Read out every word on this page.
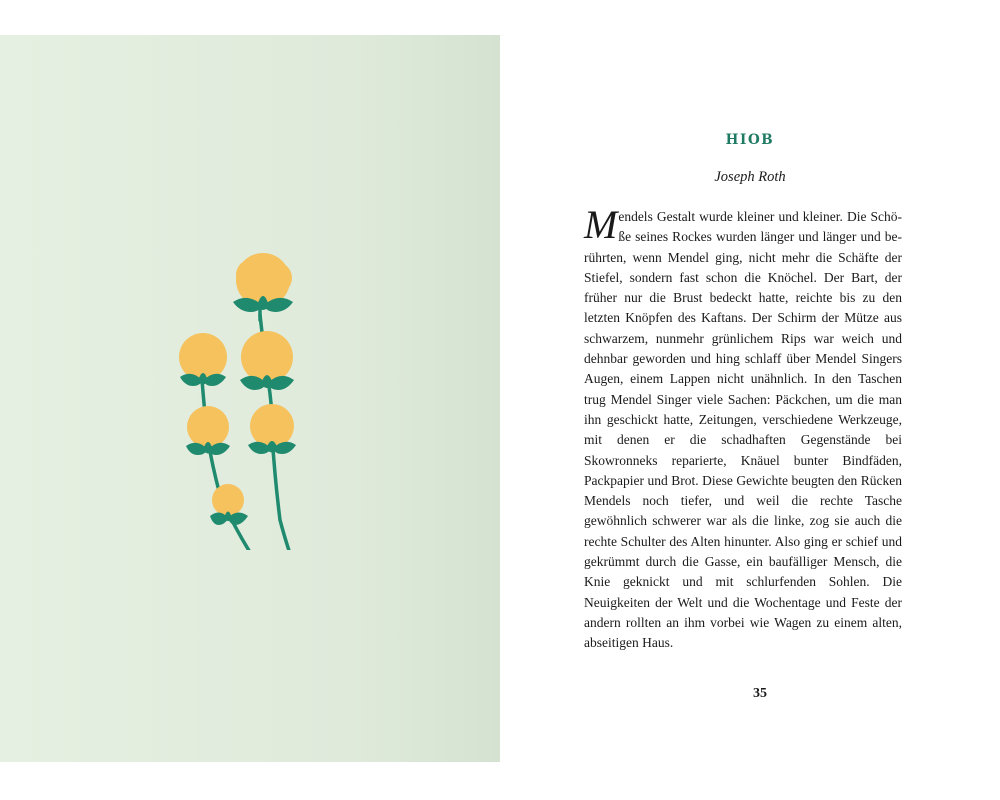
HIOB
Joseph Roth

Mendels Gestalt wurde kleiner und kleiner. Die Schöße seines Rockes wurden länger und länger und berührten, wenn Mendel ging, nicht mehr die Schäfte der Stiefel, sondern fast schon die Knöchel. Der Bart, der früher nur die Brust bedeckt hatte, reichte bis zu den letzten Knöpfen des Kaftans. Der Schirm der Mütze aus schwarzem, nunmehr grünlichem Rips war weich und dehnbar geworden und hing schlaff über Mendel Singers Augen, einem Lappen nicht unähnlich. In den Taschen trug Mendel Singer viele Sachen: Päckchen, um die man ihn geschickt hatte, Zeitungen, verschiedene Werkzeuge, mit denen er die schadhaften Gegenstände bei Skowronneks reparierte, Knäuel bunter Bindfäden, Packpapier und Brot. Diese Gewichte beugten den Rücken Mendels noch tiefer, und weil die rechte Tasche gewöhnlich schwerer war als die linke, zog sie auch die rechte Schulter des Alten hinunter. Also ging er schief und gekrümmt durch die Gasse, ein baufälliger Mensch, die Knie geknickt und mit schlurfenden Sohlen. Die Neuigkeiten der Welt und die Wochentage und Feste der andern rollten an ihm vorbei wie Wagen zu einem alten, abseitigen Haus.

35
